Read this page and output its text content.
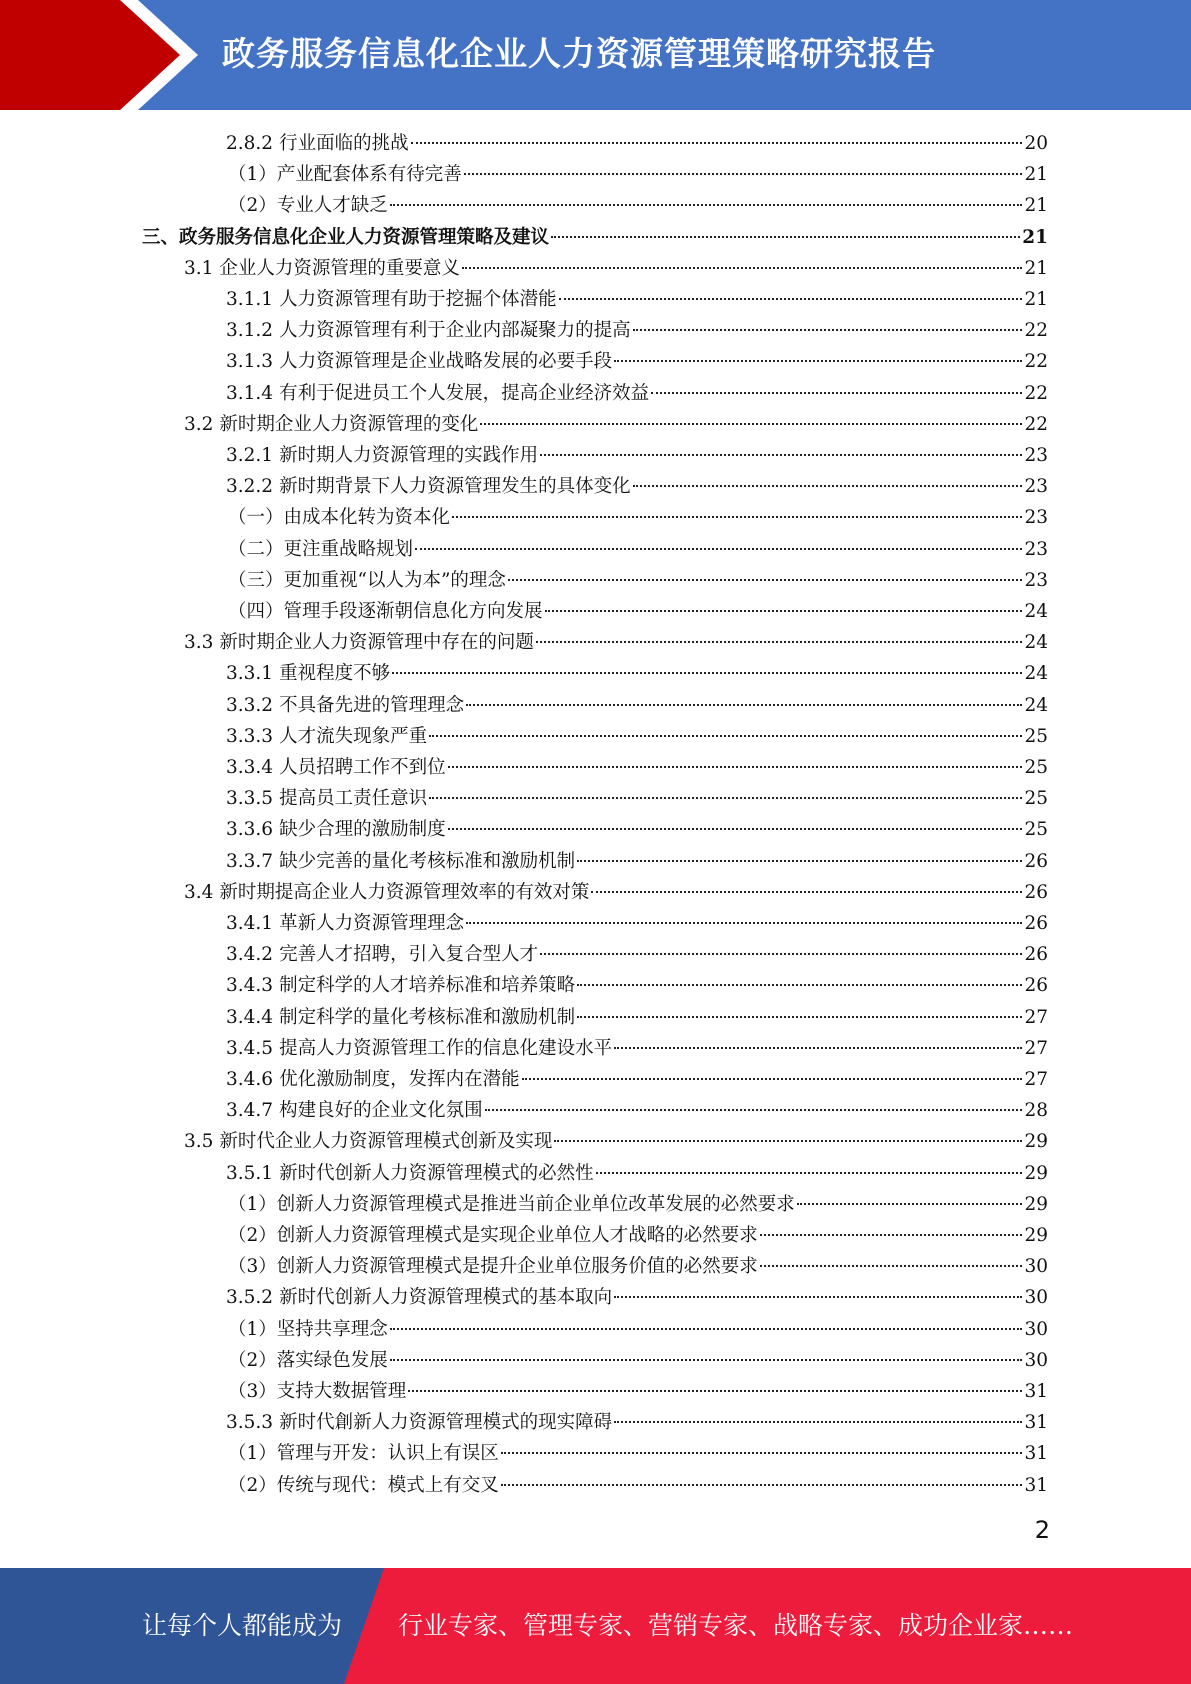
政务服务信息化企业人力资源管理策略研究报告
2.8.2 行业面临的挑战	20
（1） 产业配套体系有待完善	21
（2） 专业人才缺乏	21
三、 政务服务信息化企业人力资源管理策略及建议	21
3.1 企业人力资源管理的重要意义	21
3.1.1 人力资源管理有助于挖掘个体潜能	21
3.1.2 人力资源管理有利于企业内部凝聚力的提高	22
3.1.3 人力资源管理是企业战略发展的必要手段	22
3.1.4 有利于促进员工个人发展，提高企业经济效益	22
3.2 新时期企业人力资源管理的变化	22
3.2.1 新时期人力资源管理的实践作用	23
3.2.2 新时期背景下人力资源管理发生的具体变化	23
（一） 由成本化转为资本化	23
（二） 更注重战略规划	23
（三） 更加重视“以人为本”的理念	23
（四） 管理手段逐渐朝信息化方向发展	24
3.3 新时期企业人力资源管理中存在的问题	24
3.3.1 重视程度不够	24
3.3.2 不具备先进的管理理念	24
3.3.3 人才流失现象严重	25
3.3.4 人员招聘工作不到位	25
3.3.5 提高员工责任意识	25
3.3.6 缺少合理的激励制度	25
3.3.7 缺少完善的量化考核标准和激励机制	26
3.4 新时期提高企业人力资源管理效率的有效对策	26
3.4.1 革新人力资源管理理念	26
3.4.2 完善人才招聘，引入复合型人才	26
3.4.3 制定科学的人才培养标准和培养策略	26
3.4.4 制定科学的量化考核标准和激励机制	27
3.4.5 提高人力资源管理工作的信息化建设水平	27
3.4.6 优化激励制度，发挥内在潜能	27
3.4.7 构建良好的企业文化氛围	28
3.5 新时代企业人力资源管理模式创新及实现	29
3.5.1 新时代创新人力资源管理模式的必然性	29
（1） 创新人力资源管理模式是推进当前企业单位改革发展的必然要求	29
（2） 创新人力资源管理模式是实现企业单位人才战略的必然要求	29
（3） 创新人力资源管理模式是提升企业单位服务价值的必然要求	30
3.5.2 新时代创新人力资源管理模式的基本取向	30
（1） 坚持共享理念	30
（2） 落实绿色发展	30
（3） 支持大数据管理	31
3.5.3 新时代創新人力资源管理模式的现实障碍	31
（1） 管理与开发：认识上有误区	31
（2） 传统与现代：模式上有交叉	31
2
让每个人都能成为 行业专家、管理专家、营销专家、战略专家、成功企业家……
